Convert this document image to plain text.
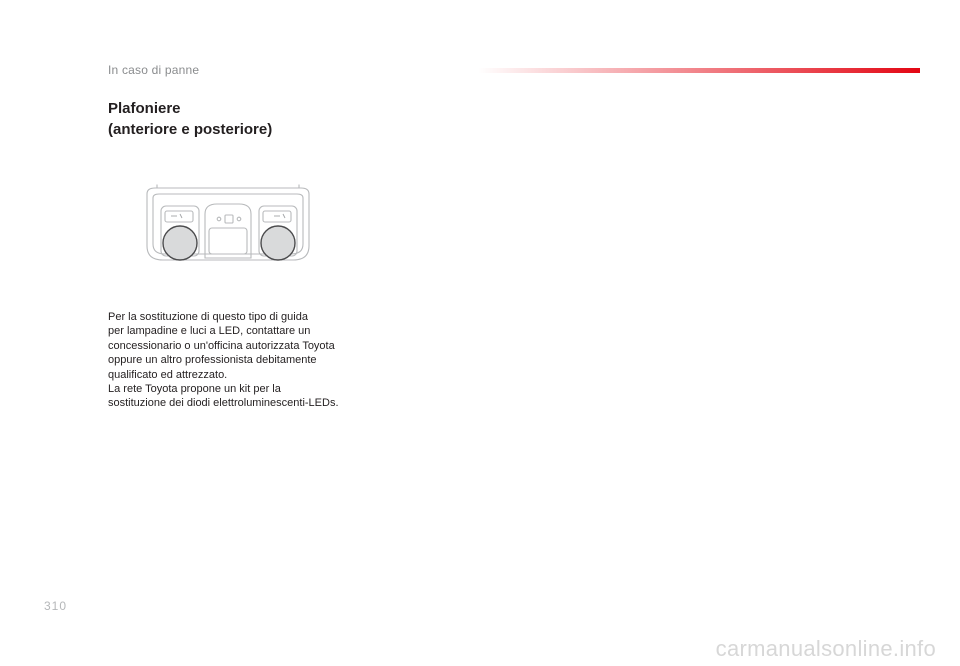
In caso di panne
Plafoniere
(anteriore e posteriore)
Per la sostituzione di questo tipo di guida
per lampadine e luci a LED, contattare un
concessionario o un'officina autorizzata Toyota
oppure un altro professionista debitamente
qualificato ed attrezzato.
La rete Toyota propone un kit per la
sostituzione dei diodi elettroluminescenti-LEDs.
310
carmanualsonline.info
